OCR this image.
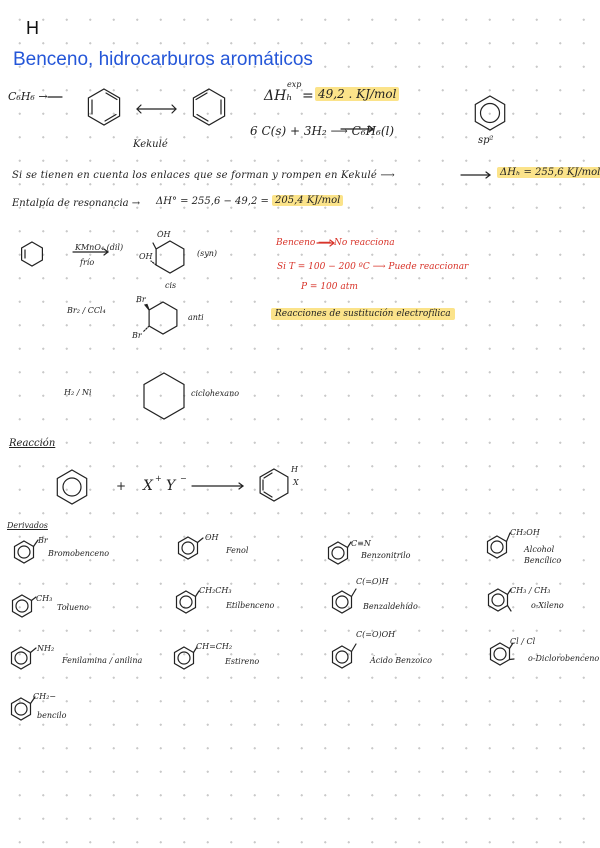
H
Benceno, hidrocarburos aromáticos
C₆H₆ →
Kekulé
ΔHₕ
exp
= 49,2 . KJ/mol
6 C(s) + 3H₂ ⟶ C₆H₆(l)
sp²
Si se tienen en cuenta los enlaces que se forman y rompen en Kekulé ⟶	ΔHₕ = 255,6 KJ/mol
Entalpía de resonancia → ΔH° = 255,6 − 49,2 = 205,4 KJ/mol
KMnO₄ (dil)
frío
OH
OH	(syn)
cis
Br₂ / CCl₄
Br
Br
anti
H₂ / Ni	ciclohexano
Benceno ⟶ No reacciona
Si T = 100 − 200 ºC ⟶ Puede reaccionar
P = 100 atm
Reacciones de sustitución electrofílica
Reacción
+ X + Y −
H
X
Derivados
Br
Bromobenceno
OH
Fenol
C≡N
Benzonitrilo
CH₂OH
Alcohol Bencílico
CH₃
Tolueno
CH₂CH₃
Etilbenceno
C(=O)H
Benzaldehído
CH₃ / CH₃
o-Xileno
NH₂
Fenilamina / anilina
CH=CH₂
Estireno
C(=O)OH
Ácido Benzoico
Cl / Cl
o-Diclorobenceno
CH₂−
bencilo
